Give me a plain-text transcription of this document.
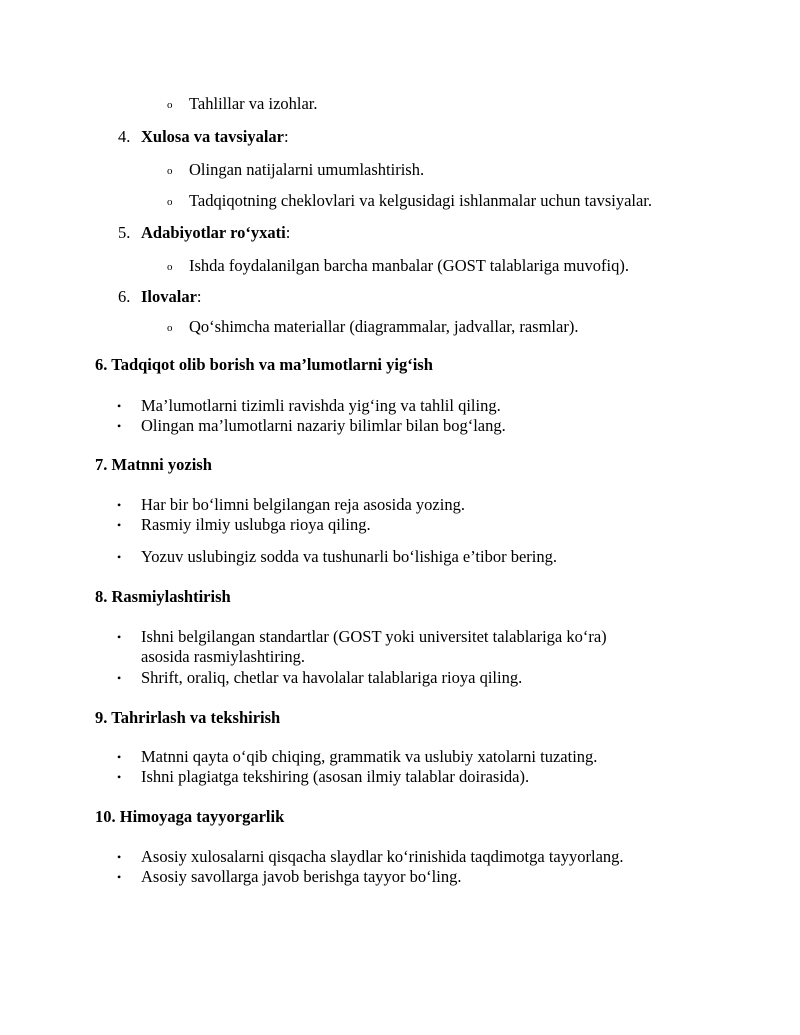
o Tahlillar va izohlar.
4. Xulosa va tavsiyalar:
o Olingan natijalarni umumlashtirish.
o Tadqiqotning cheklovlari va kelgusidagi ishlanmalar uchun tavsiyalar.
5. Adabiyotlar ro‘yxati:
o Ishda foydalanilgan barcha manbalar (GOST talablariga muvofiq).
6. Ilovalar:
o Qo‘shimcha materiallar (diagrammalar, jadvallar, rasmlar).
6. Tadqiqot olib borish va ma’lumotlarni yig‘ish
• Ma’lumotlarni tizimli ravishda yig‘ing va tahlil qiling.
• Olingan ma’lumotlarni nazariy bilimlar bilan bog‘lang.
7. Matnni yozish
• Har bir bo‘limni belgilangan reja asosida yozing.
• Rasmiy ilmiy uslubga rioya qiling.
• Yozuv uslubingiz sodda va tushunarli bo‘lishiga e’tibor bering.
8. Rasmiylashtirish
• Ishni belgilangan standartlar (GOST yoki universitet talablariga ko‘ra)
asosida rasmiylashtiring.
• Shrift, oraliq, chetlar va havolalar talablariga rioya qiling.
9. Tahrirlash va tekshirish
• Matnni qayta o‘qib chiqing, grammatik va uslubiy xatolarni tuzating.
• Ishni plagiatga tekshiring (asosan ilmiy talablar doirasida).
10. Himoyaga tayyorgarlik
• Asosiy xulosalarni qisqacha slaydlar ko‘rinishida taqdimotga tayyorlang.
• Asosiy savollarga javob berishga tayyor bo‘ling.
